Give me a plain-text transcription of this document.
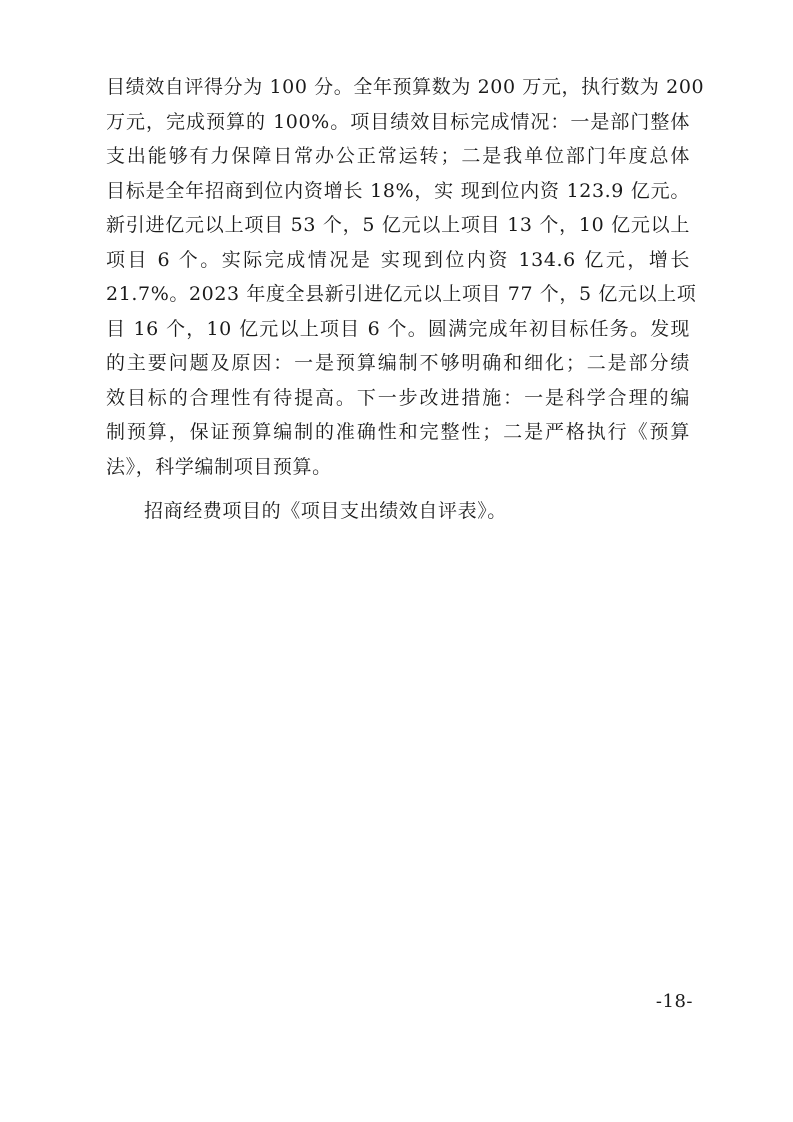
目绩效自评得分为 100 分。全年预算数为 200 万元，执行数为 200
万元，完成预算的 100%。项目绩效目标完成情况：一是部门整体
支出能够有力保障日常办公正常运转；二是我单位部门年度总体
目标是全年招商到位内资增长 18%，实 现到位内资 123.9 亿元。
新引进亿元以上项目 53 个，5 亿元以上项目 13 个，10 亿元以上
项目 6 个。实际完成情况是 实现到位内资 134.6 亿元，增长
21.7%。2023 年度全县新引进亿元以上项目 77 个，5 亿元以上项
目 16 个，10 亿元以上项目 6 个。圆满完成年初目标任务。发现
的主要问题及原因：一是预算编制不够明确和细化；二是部分绩
效目标的合理性有待提高。下一步改进措施：一是科学合理的编
制预算，保证预算编制的准确性和完整性；二是严格执行《预算
法》，科学编制项目预算。
招商经费项目的《项目支出绩效自评表》。
-18-
